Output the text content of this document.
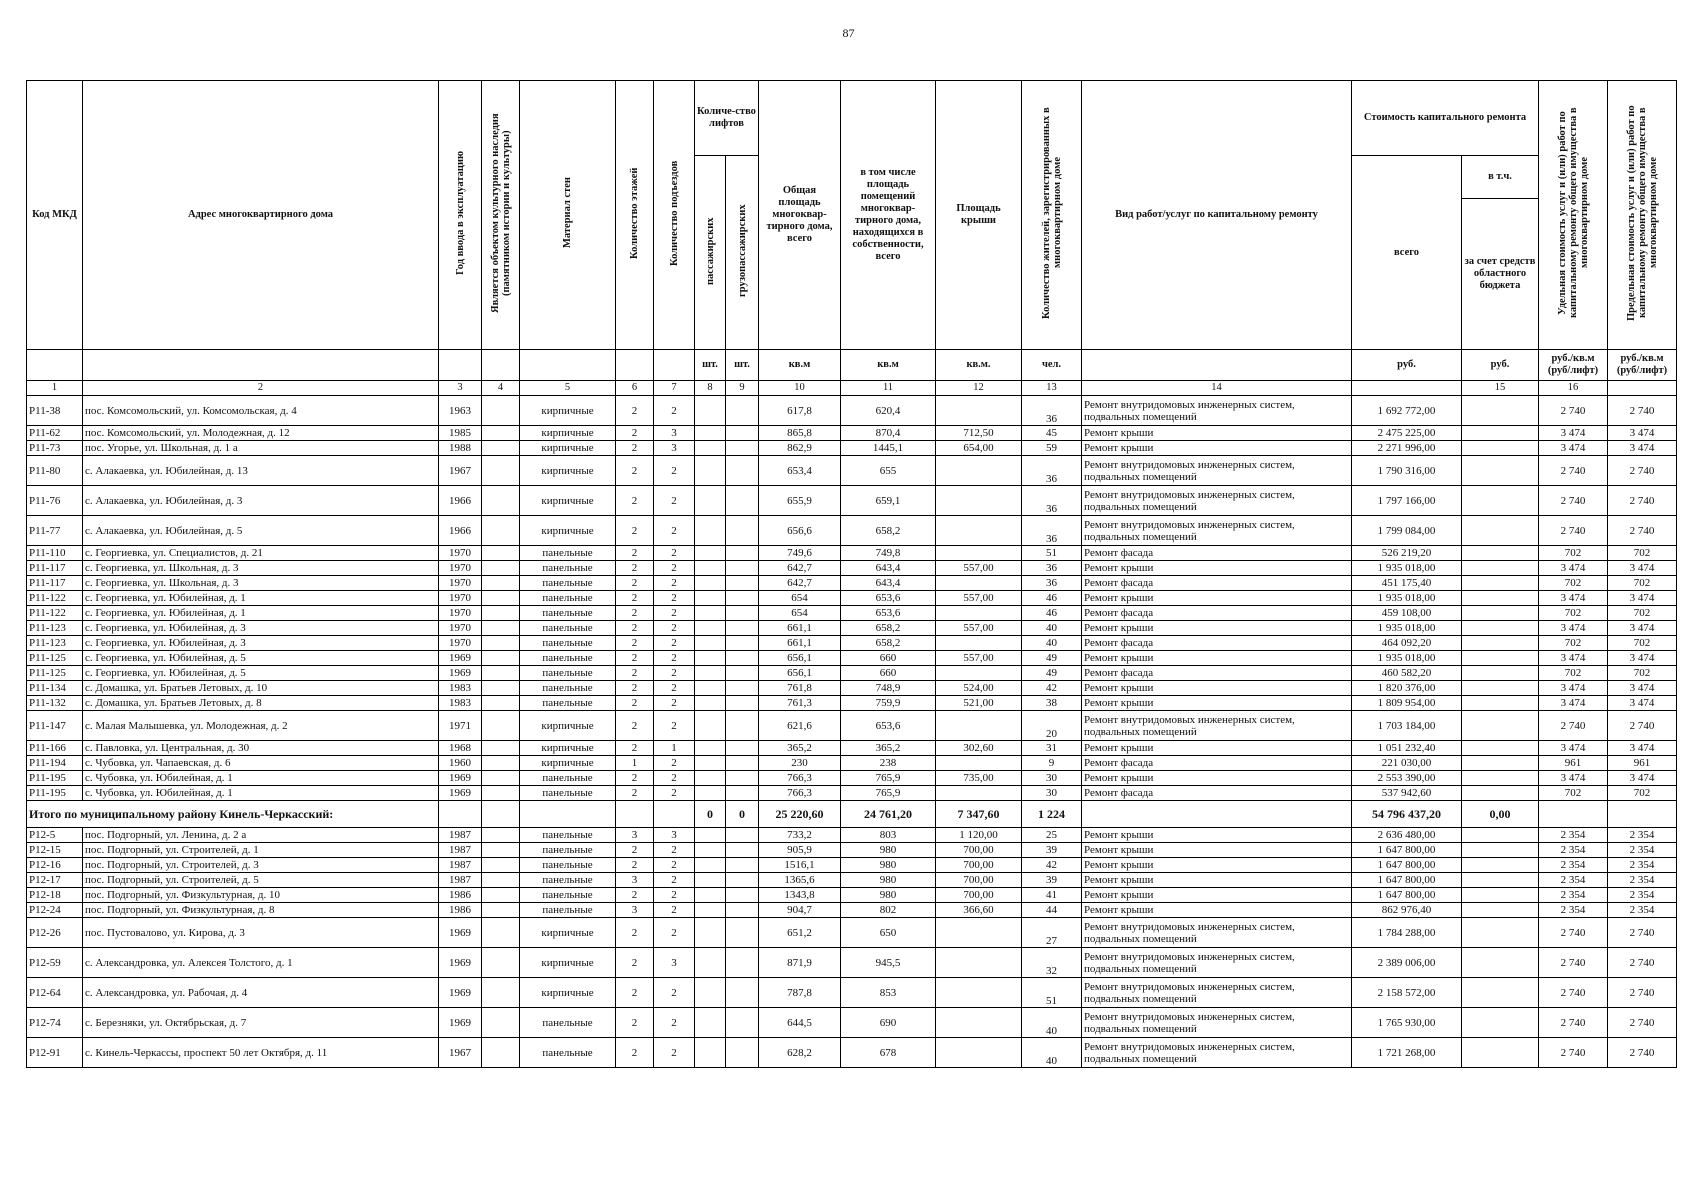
87
Код МКД	Адрес многоквартирного дома	Год ввода в эксплуатацию	Является объектом культурного наследия (памятником истории и культуры)	Материал стен	Количество этажей	Количество подъездов	Количе-ство лифтов		Общая площадь многоквар-тирного дома, всего	в том числе площадь помещений многоквар-тирного дома, находящихся в собственности, всего	Площадь крыши	Количество жителей, зарегистрированных в многоквартирном доме	Вид работ/услуг по капитальному ремонту	Стоимость капитального ремонта		Удельная стоимость услуг и (или) работ по капитальному ремонту общего имущества в многоквартирном доме	Предельная стоимость услуг и (или) работ по капитальному ремонту общего имущества в многоквартирном доме
							пассажирских	грузопассажирских						всего	в т.ч.		
															за счет средств областного бюджета		
							шт.	шт.	кв.м	кв.м	кв.м.	чел.		руб.	руб.	руб./кв.м (руб/лифт)	руб./кв.м (руб/лифт)
1	2	3	4	5	6	7	8	9	10	11	12	13	14		15	16	
Р11-38	пос. Комсомольский, ул. Комсомольская, д. 4	1963		кирпичные	2	2			617,8	620,4		36	Ремонт внутридомовых инженерных систем, подвальных помещений	1 692 772,00		2 740	2 740
Р11-62	пос. Комсомольский, ул. Молодежная, д. 12	1985		кирпичные	2	3			865,8	870,4	712,50	45	Ремонт крыши	2 475 225,00		3 474	3 474
Р11-73	пос. Угорье, ул. Школьная, д. 1 а	1988		кирпичные	2	3			862,9	1445,1	654,00	59	Ремонт крыши	2 271 996,00		3 474	3 474
Р11-80	с. Алакаевка, ул. Юбилейная, д. 13	1967		кирпичные	2	2			653,4	655		36	Ремонт внутридомовых инженерных систем, подвальных помещений	1 790 316,00		2 740	2 740
Р11-76	с. Алакаевка, ул. Юбилейная, д. 3	1966		кирпичные	2	2			655,9	659,1		36	Ремонт внутридомовых инженерных систем, подвальных помещений	1 797 166,00		2 740	2 740
Р11-77	с. Алакаевка, ул. Юбилейная, д. 5	1966		кирпичные	2	2			656,6	658,2		36	Ремонт внутридомовых инженерных систем, подвальных помещений	1 799 084,00		2 740	2 740
Р11-110	с. Георгиевка, ул. Специалистов, д. 21	1970		панельные	2	2			749,6	749,8		51	Ремонт фасада	526 219,20		702	702
Р11-117	с. Георгиевка, ул. Школьная, д. 3	1970		панельные	2	2			642,7	643,4	557,00	36	Ремонт крыши	1 935 018,00		3 474	3 474
Р11-117	с. Георгиевка, ул. Школьная, д. 3	1970		панельные	2	2			642,7	643,4		36	Ремонт фасада	451 175,40		702	702
Р11-122	с. Георгиевка, ул. Юбилейная, д. 1	1970		панельные	2	2			654	653,6	557,00	46	Ремонт крыши	1 935 018,00		3 474	3 474
Р11-122	с. Георгиевка, ул. Юбилейная, д. 1	1970		панельные	2	2			654	653,6		46	Ремонт фасада	459 108,00		702	702
Р11-123	с. Георгиевка, ул. Юбилейная, д. 3	1970		панельные	2	2			661,1	658,2	557,00	40	Ремонт крыши	1 935 018,00		3 474	3 474
Р11-123	с. Георгиевка, ул. Юбилейная, д. 3	1970		панельные	2	2			661,1	658,2		40	Ремонт фасада	464 092,20		702	702
Р11-125	с. Георгиевка, ул. Юбилейная, д. 5	1969		панельные	2	2			656,1	660	557,00	49	Ремонт крыши	1 935 018,00		3 474	3 474
Р11-125	с. Георгиевка, ул. Юбилейная, д. 5	1969		панельные	2	2			656,1	660		49	Ремонт фасада	460 582,20		702	702
Р11-134	с. Домашка, ул. Братьев Летовых, д. 10	1983		панельные	2	2			761,8	748,9	524,00	42	Ремонт крыши	1 820 376,00		3 474	3 474
Р11-132	с. Домашка, ул. Братьев Летовых, д. 8	1983		панельные	2	2			761,3	759,9	521,00	38	Ремонт крыши	1 809 954,00		3 474	3 474
Р11-147	с. Малая Малышевка, ул. Молодежная, д. 2	1971		кирпичные	2	2			621,6	653,6		20	Ремонт внутридомовых инженерных систем, подвальных помещений	1 703 184,00		2 740	2 740
Р11-166	с. Павловка, ул. Центральная, д. 30	1968		кирпичные	2	1			365,2	365,2	302,60	31	Ремонт крыши	1 051 232,40		3 474	3 474
Р11-194	с. Чубовка, ул. Чапаевская, д. 6	1960		кирпичные	1	2			230	238		9	Ремонт фасада	221 030,00		961	961
Р11-195	с. Чубовка, ул. Юбилейная, д. 1	1969		панельные	2	2			766,3	765,9	735,00	30	Ремонт крыши	2 553 390,00		3 474	3 474
Р11-195	с. Чубовка, ул. Юбилейная, д. 1	1969		панельные	2	2			766,3	765,9		30	Ремонт фасада	537 942,60		702	702
Итого по муниципальному району Кинель-Черкасский:							0	0	25 220,60	24 761,20	7 347,60	1 224		54 796 437,20	0,00		
Р12-5	пос. Подгорный, ул. Ленина, д. 2 а	1987		панельные	3	3			733,2	803	1 120,00	25	Ремонт крыши	2 636 480,00		2 354	2 354
Р12-15	пос. Подгорный, ул. Строителей, д. 1	1987		панельные	2	2			905,9	980	700,00	39	Ремонт крыши	1 647 800,00		2 354	2 354
Р12-16	пос. Подгорный, ул. Строителей, д. 3	1987		панельные	2	2			1516,1	980	700,00	42	Ремонт крыши	1 647 800,00		2 354	2 354
Р12-17	пос. Подгорный, ул. Строителей, д. 5	1987		панельные	3	2			1365,6	980	700,00	39	Ремонт крыши	1 647 800,00		2 354	2 354
Р12-18	пос. Подгорный, ул. Физкультурная, д. 10	1986		панельные	2	2			1343,8	980	700,00	41	Ремонт крыши	1 647 800,00		2 354	2 354
Р12-24	пос. Подгорный, ул. Физкультурная, д. 8	1986		панельные	3	2			904,7	802	366,60	44	Ремонт крыши	862 976,40		2 354	2 354
Р12-26	пос. Пустовалово, ул. Кирова, д. 3	1969		кирпичные	2	2			651,2	650		27	Ремонт внутридомовых инженерных систем, подвальных помещений	1 784 288,00		2 740	2 740
Р12-59	с. Александровка, ул. Алексея Толстого, д. 1	1969		кирпичные	2	3			871,9	945,5		32	Ремонт внутридомовых инженерных систем, подвальных помещений	2 389 006,00		2 740	2 740
Р12-64	с. Александровка, ул. Рабочая, д. 4	1969		кирпичные	2	2			787,8	853		51	Ремонт внутридомовых инженерных систем, подвальных помещений	2 158 572,00		2 740	2 740
Р12-74	с. Березняки, ул. Октябрьская, д. 7	1969		панельные	2	2			644,5	690		40	Ремонт внутридомовых инженерных систем, подвальных помещений	1 765 930,00		2 740	2 740
Р12-91	с. Кинель-Черкассы, проспект 50 лет Октября, д. 11	1967		панельные	2	2			628,2	678		40	Ремонт внутридомовых инженерных систем, подвальных помещений	1 721 268,00		2 740	2 740
